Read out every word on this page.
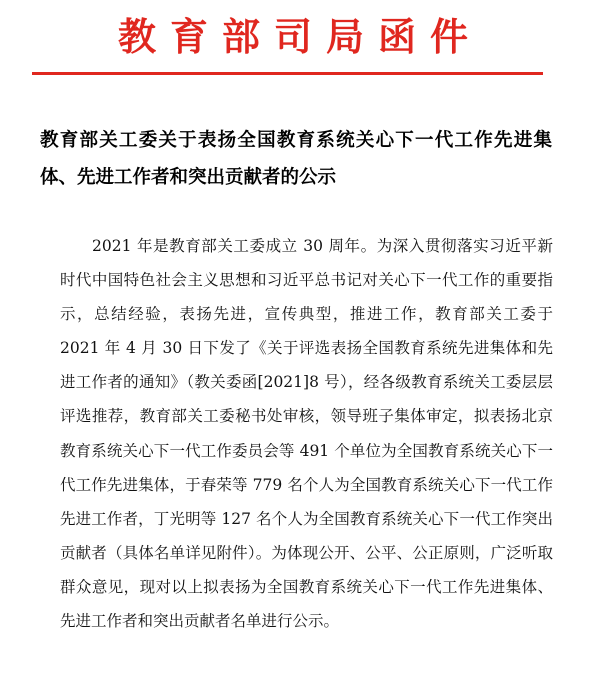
教育部司局函件
教育部关工委关于表扬全国教育系统关心下一代工作先进集体、先进工作者和突出贡献者的公示

2021 年是教育部关工委成立 30 周年。为深入贯彻落实习近平新时代中国特色社会主义思想和习近平总书记对关心下一代工作的重要指示，总结经验，表扬先进，宣传典型，推进工作，教育部关工委于 2021 年 4 月 30 日下发了《关于评选表扬全国教育系统先进集体和先进工作者的通知》（教关委函[2021]8 号），经各级教育系统关工委层层评选推荐，教育部关工委秘书处审核，领导班子集体审定，拟表扬北京教育系统关心下一代工作委员会等 491 个单位为全国教育系统关心下一代工作先进集体，于春荣等 779 名个人为全国教育系统关心下一代工作先进工作者，丁光明等 127 名个人为全国教育系统关心下一代工作突出贡献者（具体名单详见附件）。为体现公开、公平、公正原则，广泛听取群众意见，现对以上拟表扬为全国教育系统关心下一代工作先进集体、先进工作者和突出贡献者名单进行公示。
